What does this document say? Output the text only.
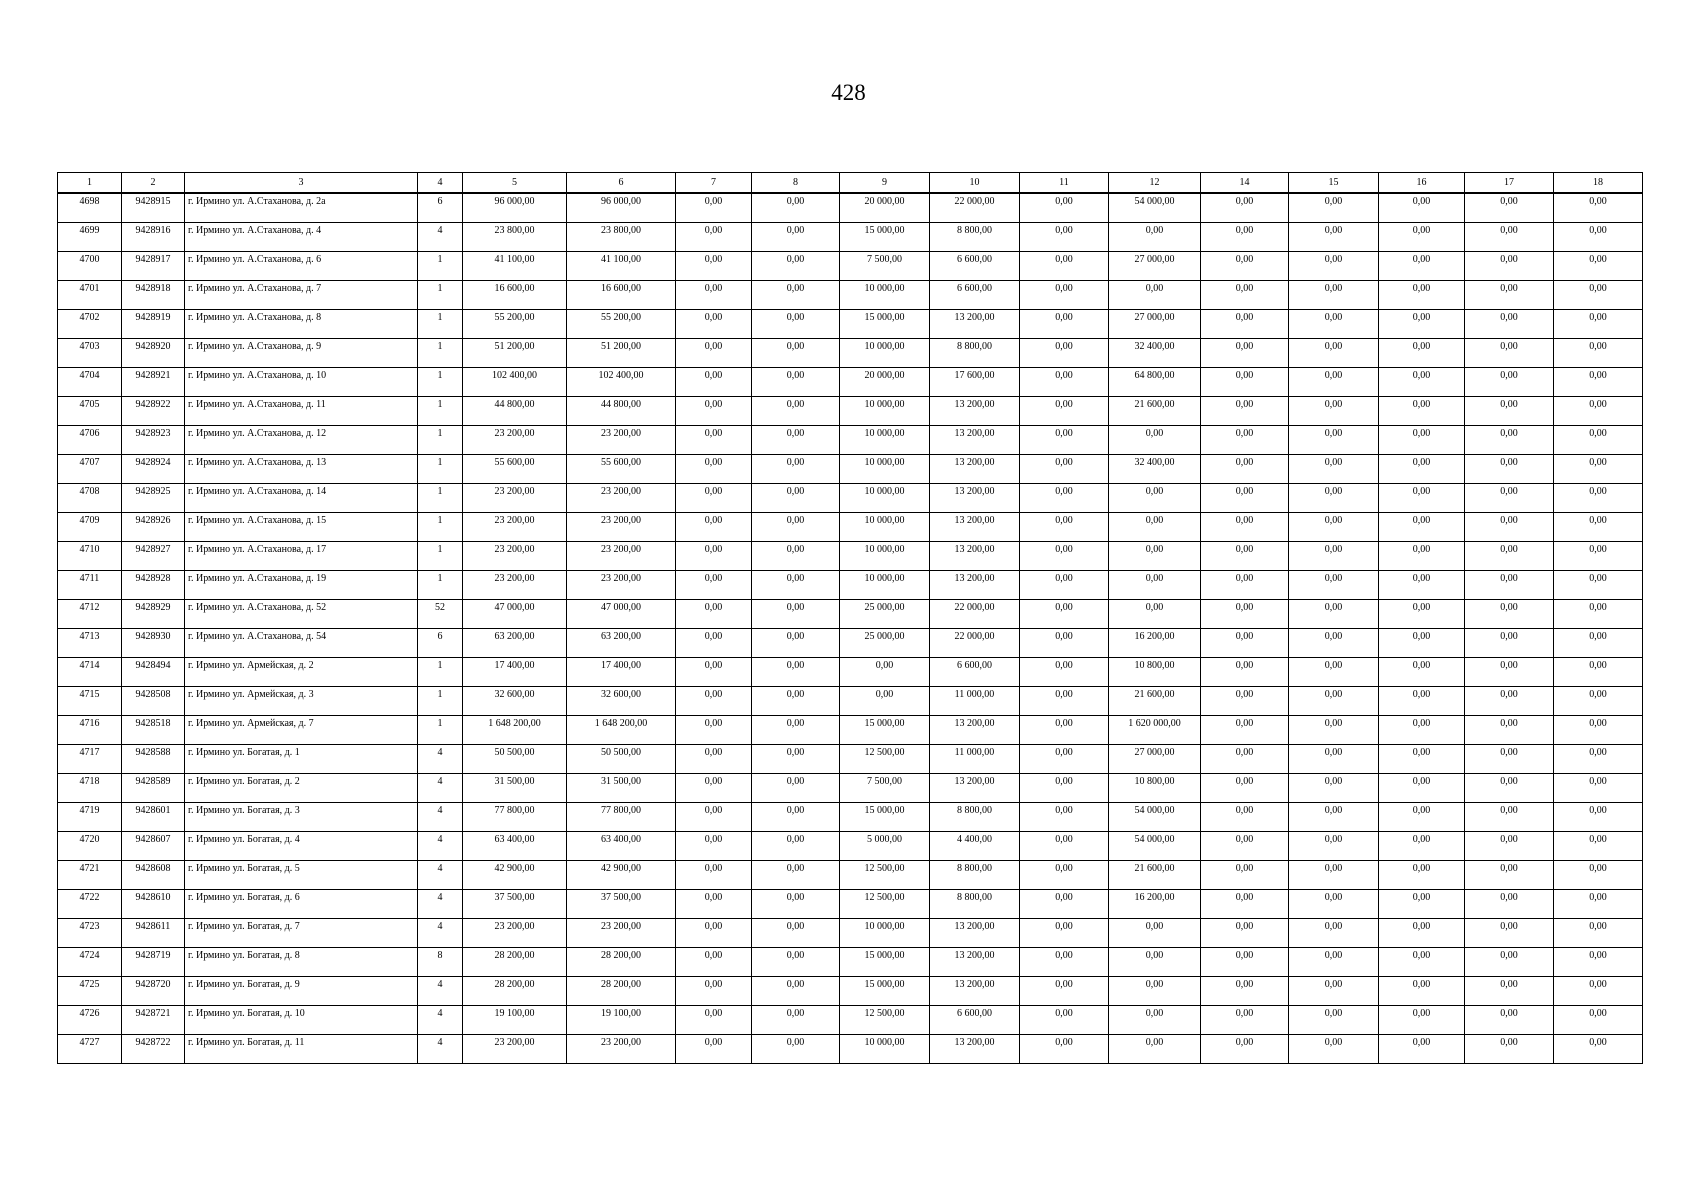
428
1	2	3	4	5	6	7	8	9	10	11	12	14	15	16	17	18
4698	9428915	г. Ирмино ул. А.Стаханова, д. 2а	6	96 000,00	96 000,00	0,00	0,00	20 000,00	22 000,00	0,00	54 000,00	0,00	0,00	0,00	0,00	0,00
4699	9428916	г. Ирмино ул. А.Стаханова, д. 4	4	23 800,00	23 800,00	0,00	0,00	15 000,00	8 800,00	0,00	0,00	0,00	0,00	0,00	0,00	0,00
4700	9428917	г. Ирмино ул. А.Стаханова, д. 6	1	41 100,00	41 100,00	0,00	0,00	7 500,00	6 600,00	0,00	27 000,00	0,00	0,00	0,00	0,00	0,00
4701	9428918	г. Ирмино ул. А.Стаханова, д. 7	1	16 600,00	16 600,00	0,00	0,00	10 000,00	6 600,00	0,00	0,00	0,00	0,00	0,00	0,00	0,00
4702	9428919	г. Ирмино ул. А.Стаханова, д. 8	1	55 200,00	55 200,00	0,00	0,00	15 000,00	13 200,00	0,00	27 000,00	0,00	0,00	0,00	0,00	0,00
4703	9428920	г. Ирмино ул. А.Стаханова, д. 9	1	51 200,00	51 200,00	0,00	0,00	10 000,00	8 800,00	0,00	32 400,00	0,00	0,00	0,00	0,00	0,00
4704	9428921	г. Ирмино ул. А.Стаханова, д. 10	1	102 400,00	102 400,00	0,00	0,00	20 000,00	17 600,00	0,00	64 800,00	0,00	0,00	0,00	0,00	0,00
4705	9428922	г. Ирмино ул. А.Стаханова, д. 11	1	44 800,00	44 800,00	0,00	0,00	10 000,00	13 200,00	0,00	21 600,00	0,00	0,00	0,00	0,00	0,00
4706	9428923	г. Ирмино ул. А.Стаханова, д. 12	1	23 200,00	23 200,00	0,00	0,00	10 000,00	13 200,00	0,00	0,00	0,00	0,00	0,00	0,00	0,00
4707	9428924	г. Ирмино ул. А.Стаханова, д. 13	1	55 600,00	55 600,00	0,00	0,00	10 000,00	13 200,00	0,00	32 400,00	0,00	0,00	0,00	0,00	0,00
4708	9428925	г. Ирмино ул. А.Стаханова, д. 14	1	23 200,00	23 200,00	0,00	0,00	10 000,00	13 200,00	0,00	0,00	0,00	0,00	0,00	0,00	0,00
4709	9428926	г. Ирмино ул. А.Стаханова, д. 15	1	23 200,00	23 200,00	0,00	0,00	10 000,00	13 200,00	0,00	0,00	0,00	0,00	0,00	0,00	0,00
4710	9428927	г. Ирмино ул. А.Стаханова, д. 17	1	23 200,00	23 200,00	0,00	0,00	10 000,00	13 200,00	0,00	0,00	0,00	0,00	0,00	0,00	0,00
4711	9428928	г. Ирмино ул. А.Стаханова, д. 19	1	23 200,00	23 200,00	0,00	0,00	10 000,00	13 200,00	0,00	0,00	0,00	0,00	0,00	0,00	0,00
4712	9428929	г. Ирмино ул. А.Стаханова, д. 52	52	47 000,00	47 000,00	0,00	0,00	25 000,00	22 000,00	0,00	0,00	0,00	0,00	0,00	0,00	0,00
4713	9428930	г. Ирмино ул. А.Стаханова, д. 54	6	63 200,00	63 200,00	0,00	0,00	25 000,00	22 000,00	0,00	16 200,00	0,00	0,00	0,00	0,00	0,00
4714	9428494	г. Ирмино ул. Армейская, д. 2	1	17 400,00	17 400,00	0,00	0,00	0,00	6 600,00	0,00	10 800,00	0,00	0,00	0,00	0,00	0,00
4715	9428508	г. Ирмино ул. Армейская, д. 3	1	32 600,00	32 600,00	0,00	0,00	0,00	11 000,00	0,00	21 600,00	0,00	0,00	0,00	0,00	0,00
4716	9428518	г. Ирмино ул. Армейская, д. 7	1	1 648 200,00	1 648 200,00	0,00	0,00	15 000,00	13 200,00	0,00	1 620 000,00	0,00	0,00	0,00	0,00	0,00
4717	9428588	г. Ирмино ул. Богатая, д. 1	4	50 500,00	50 500,00	0,00	0,00	12 500,00	11 000,00	0,00	27 000,00	0,00	0,00	0,00	0,00	0,00
4718	9428589	г. Ирмино ул. Богатая, д. 2	4	31 500,00	31 500,00	0,00	0,00	7 500,00	13 200,00	0,00	10 800,00	0,00	0,00	0,00	0,00	0,00
4719	9428601	г. Ирмино ул. Богатая, д. 3	4	77 800,00	77 800,00	0,00	0,00	15 000,00	8 800,00	0,00	54 000,00	0,00	0,00	0,00	0,00	0,00
4720	9428607	г. Ирмино ул. Богатая, д. 4	4	63 400,00	63 400,00	0,00	0,00	5 000,00	4 400,00	0,00	54 000,00	0,00	0,00	0,00	0,00	0,00
4721	9428608	г. Ирмино ул. Богатая, д. 5	4	42 900,00	42 900,00	0,00	0,00	12 500,00	8 800,00	0,00	21 600,00	0,00	0,00	0,00	0,00	0,00
4722	9428610	г. Ирмино ул. Богатая, д. 6	4	37 500,00	37 500,00	0,00	0,00	12 500,00	8 800,00	0,00	16 200,00	0,00	0,00	0,00	0,00	0,00
4723	9428611	г. Ирмино ул. Богатая, д. 7	4	23 200,00	23 200,00	0,00	0,00	10 000,00	13 200,00	0,00	0,00	0,00	0,00	0,00	0,00	0,00
4724	9428719	г. Ирмино ул. Богатая, д. 8	8	28 200,00	28 200,00	0,00	0,00	15 000,00	13 200,00	0,00	0,00	0,00	0,00	0,00	0,00	0,00
4725	9428720	г. Ирмино ул. Богатая, д. 9	4	28 200,00	28 200,00	0,00	0,00	15 000,00	13 200,00	0,00	0,00	0,00	0,00	0,00	0,00	0,00
4726	9428721	г. Ирмино ул. Богатая, д. 10	4	19 100,00	19 100,00	0,00	0,00	12 500,00	6 600,00	0,00	0,00	0,00	0,00	0,00	0,00	0,00
4727	9428722	г. Ирмино ул. Богатая, д. 11	4	23 200,00	23 200,00	0,00	0,00	10 000,00	13 200,00	0,00	0,00	0,00	0,00	0,00	0,00	0,00
